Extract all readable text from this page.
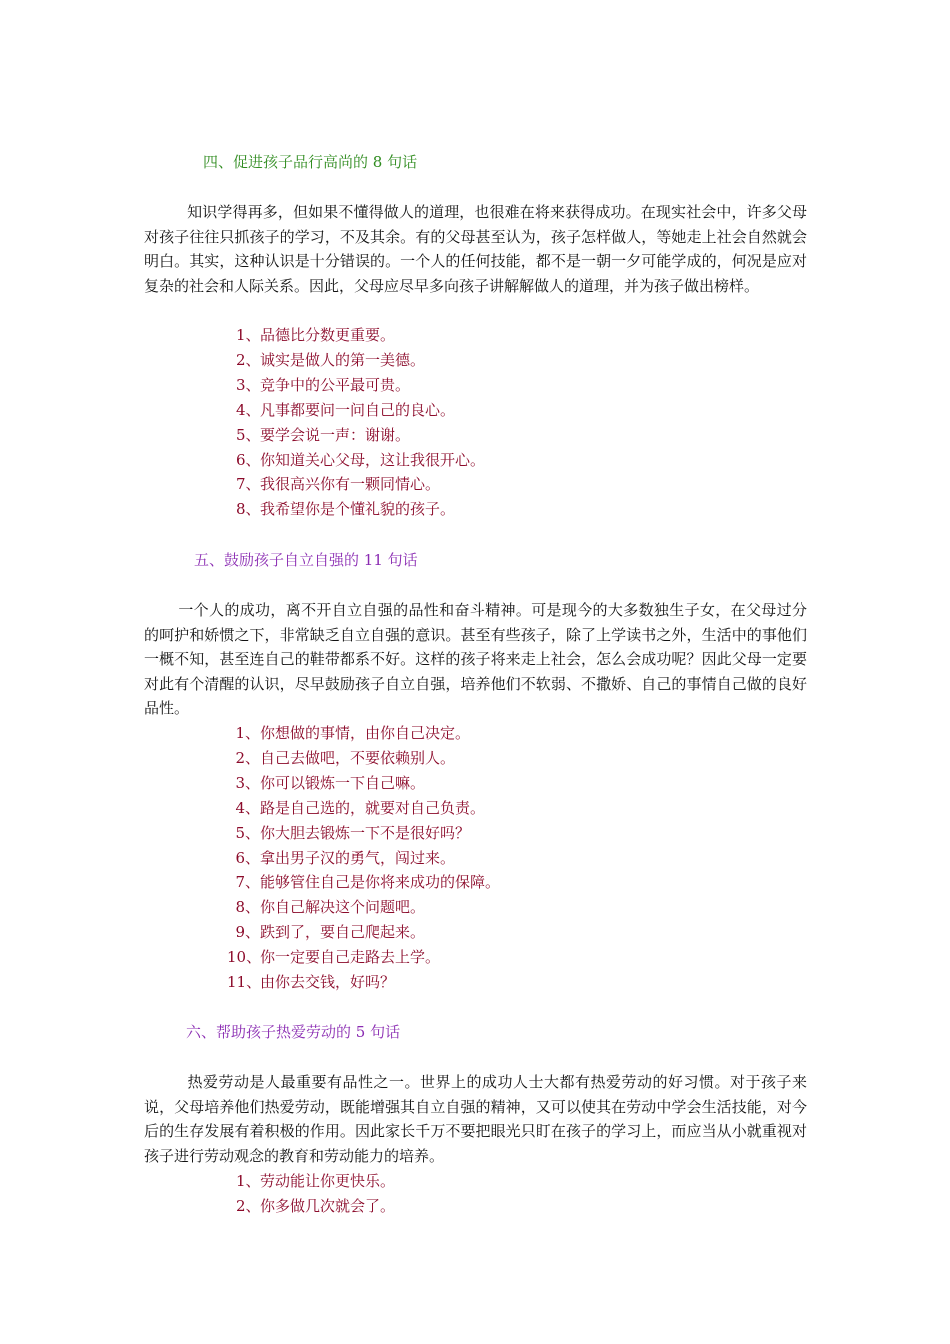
四、促进孩子品行高尚的 8 句话

知识学得再多，但如果不懂得做人的道理，也很难在将来获得成功。在现实社会中，许多父母对孩子往往只抓孩子的学习，不及其余。有的父母甚至认为，孩子怎样做人，等她走上社会自然就会明白。其实，这种认识是十分错误的。一个人的任何技能，都不是一朝一夕可能学成的，何况是应对复杂的社会和人际关系。因此，父母应尽早多向孩子讲解解做人的道理，并为孩子做出榜样。

1、品德比分数更重要。
2、诚实是做人的第一美德。
3、竞争中的公平最可贵。
4、凡事都要问一问自己的良心。
5、要学会说一声：谢谢。
6、你知道关心父母，这让我很开心。
7、我很高兴你有一颗同情心。
8、我希望你是个懂礼貌的孩子。
五、鼓励孩子自立自强的 11 句话

一个人的成功，离不开自立自强的品性和奋斗精神。可是现今的大多数独生子女，在父母过分的呵护和娇惯之下，非常缺乏自立自强的意识。甚至有些孩子，除了上学读书之外，生活中的事他们一概不知，甚至连自己的鞋带都系不好。这样的孩子将来走上社会，怎么会成功呢？因此父母一定要对此有个清醒的认识，尽早鼓励孩子自立自强，培养他们不软弱、不撒娇、自己的事情自己做的良好品性。

1、你想做的事情，由你自己决定。
2、自己去做吧，不要依赖别人。
3、你可以锻炼一下自己嘛。
4、路是自己选的，就要对自己负责。
5、你大胆去锻炼一下不是很好吗？
6、拿出男子汉的勇气，闯过来。
7、能够管住自己是你将来成功的保障。
8、你自己解决这个问题吧。
9、跌到了，要自己爬起来。
10、你一定要自己走路去上学。
11、由你去交钱，好吗？
六、帮助孩子热爱劳动的 5 句话

热爱劳动是人最重要有品性之一。世界上的成功人士大都有热爱劳动的好习惯。对于孩子来说，父母培养他们热爱劳动，既能增强其自立自强的精神，又可以使其在劳动中学会生活技能，对今后的生存发展有着积极的作用。因此家长千万不要把眼光只盯在孩子的学习上，而应当从小就重视对孩子进行劳动观念的教育和劳动能力的培养。

1、劳动能让你更快乐。
2、你多做几次就会了。
